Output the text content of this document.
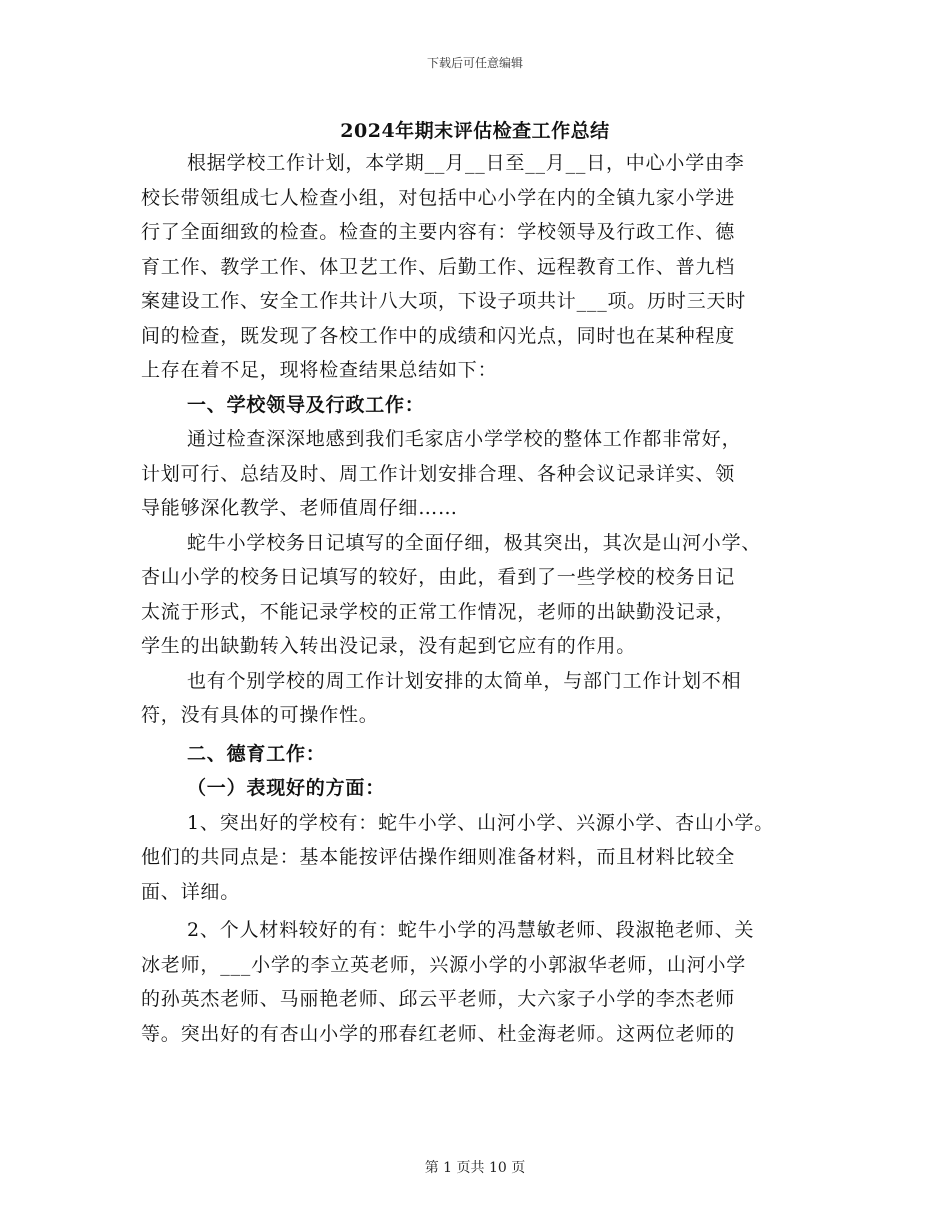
下载后可任意编辑
2024年期末评估检查工作总结
根据学校工作计划，本学期__月__日至__月__日，中心小学由李
校长带领组成七人检查小组，对包括中心小学在内的全镇九家小学进
行了全面细致的检查。检查的主要内容有：学校领导及行政工作、德
育工作、教学工作、体卫艺工作、后勤工作、远程教育工作、普九档
案建设工作、安全工作共计八大项，下设子项共计___项。历时三天时
间的检查，既发现了各校工作中的成绩和闪光点，同时也在某种程度
上存在着不足，现将检查结果总结如下：
一、学校领导及行政工作：
通过检查深深地感到我们毛家店小学学校的整体工作都非常好，
计划可行、总结及时、周工作计划安排合理、各种会议记录详实、领
导能够深化教学、老师值周仔细……
蛇牛小学校务日记填写的全面仔细，极其突出，其次是山河小学、
杏山小学的校务日记填写的较好，由此，看到了一些学校的校务日记
太流于形式，不能记录学校的正常工作情况，老师的出缺勤没记录，
学生的出缺勤转入转出没记录，没有起到它应有的作用。
也有个别学校的周工作计划安排的太简单，与部门工作计划不相
符，没有具体的可操作性。
二、德育工作：
（一）表现好的方面：
1、突出好的学校有：蛇牛小学、山河小学、兴源小学、杏山小学。
他们的共同点是：基本能按评估操作细则准备材料，而且材料比较全
面、详细。
2、个人材料较好的有：蛇牛小学的冯慧敏老师、段淑艳老师、关
冰老师，___小学的李立英老师，兴源小学的小郭淑华老师，山河小学
的孙英杰老师、马丽艳老师、邱云平老师，大六家子小学的李杰老师
等。突出好的有杏山小学的邢春红老师、杜金海老师。这两位老师的
第 1 页共 10 页
